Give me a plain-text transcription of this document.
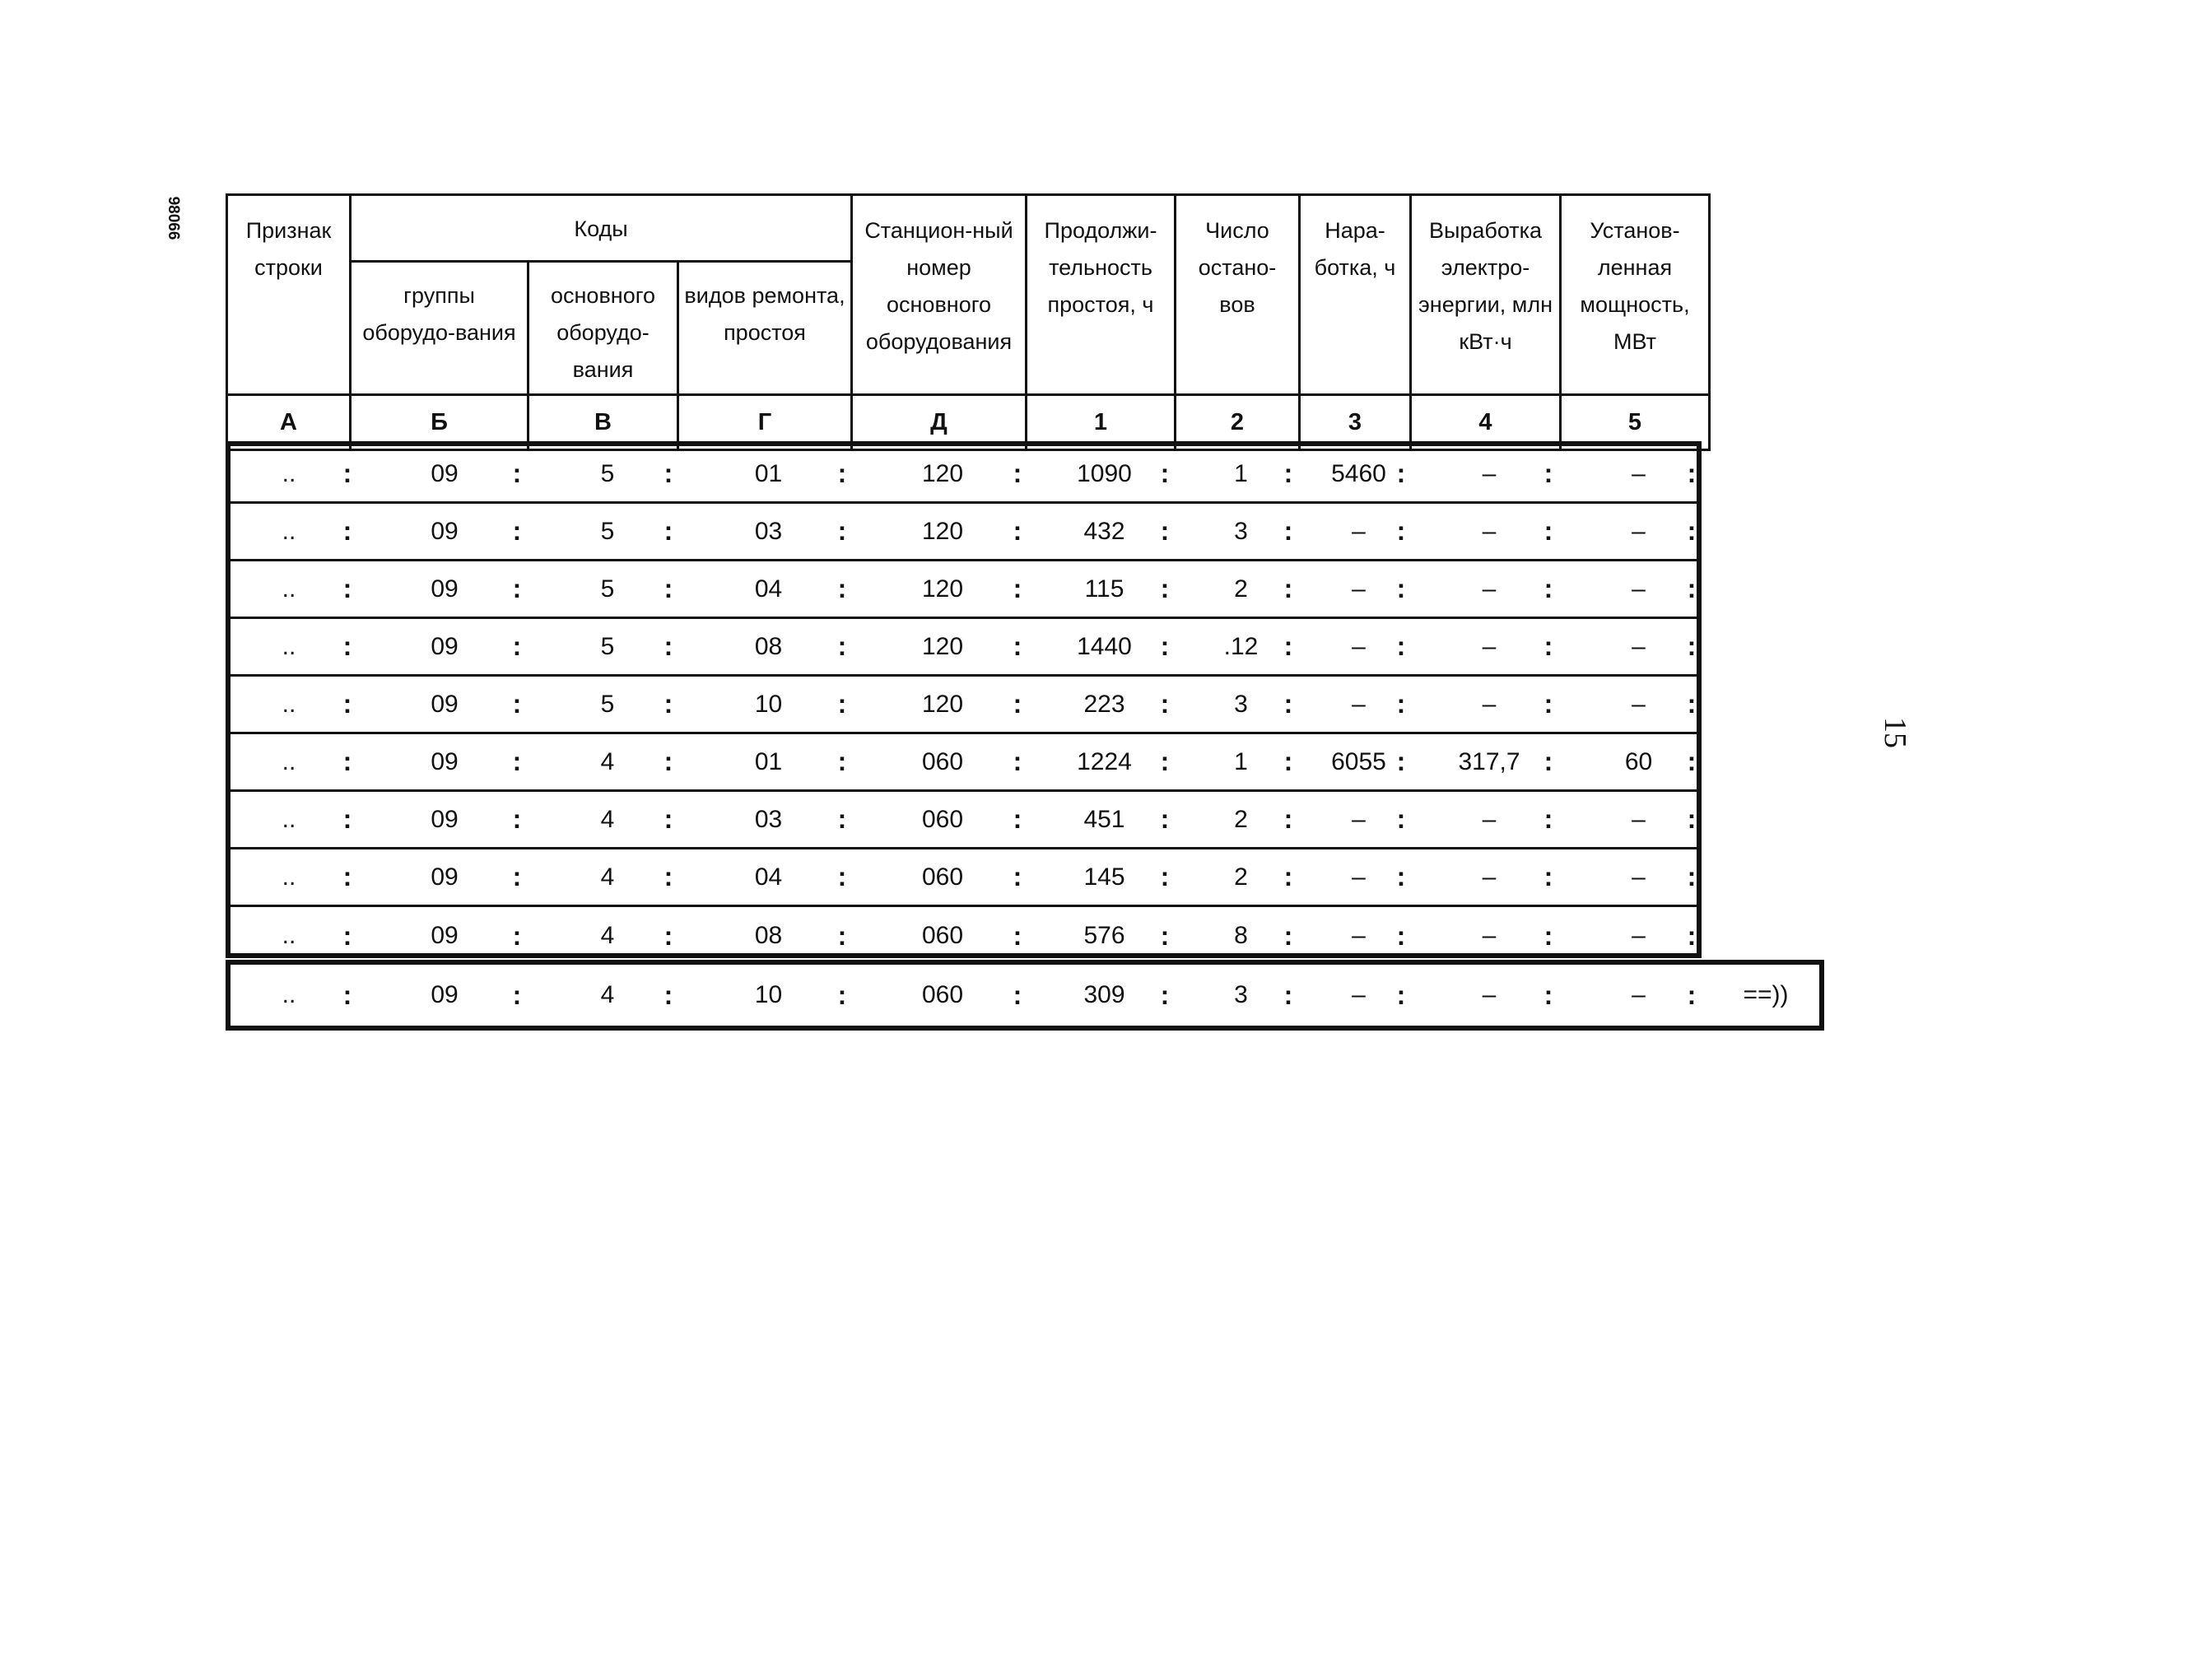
98066
15
Признак строки	Коды			Станцион-ный номер основного оборудования	Продолжи-тельность простоя, ч	Число остано-вов	Нара-ботка, ч	Выработка электро-энергии, млн кВт·ч	Установ-ленная мощность, МВт
	группы оборудо-вания	основного оборудо-вания	видов ремонта, простоя						
А	Б	В	Г	Д	1	2	3	4	5
..	:	09	:	5	:	01	:	120	:	1090	:	1	:	5460 :	–	:	–	:
..	:	09	:	5	:	03	:	120	:	432	:	3	:	–	:	–	:	–	:
..	:	09	:	5	:	04	:	120	:	115	:	2	:	–	:	–	:	–	:
..	:	09	:	5	:	08	:	120	:	1440	:	.12 :	–	:	–	:	–	:
..	:	09	:	5	:	10	:	120	:	223	:	3	:	–	:	–	:	–	:
..	:	09	:	4	:	01	:	060	:	1224	:	1	:	6055 :	317,7 :	60	:
..	:	09	:	4	:	03	:	060	:	451	:	2	:	–	:	–	:	–	:
..	:	09	:	4	:	04	:	060	:	145	:	2	:	–	:	–	:	–	:
..	:	09	:	4	:	08	:	060	:	576	:	8	:	–	:	–	:	–	:
..	:	09	:	4	:	10	:	060	:	309	:	3	:	–	:	–	:	–	:	==))
